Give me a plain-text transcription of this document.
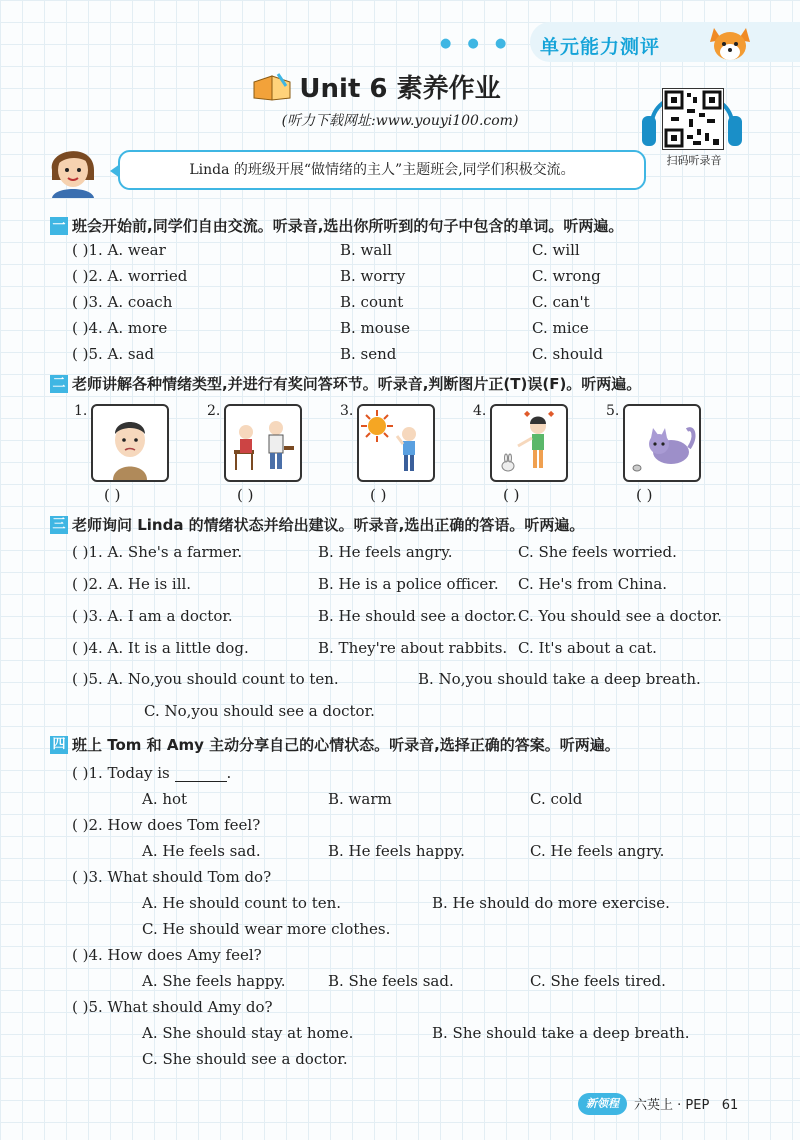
● ● ● 单元能力测评
Unit 6 素养作业
(听力下载网址:www.youyi100.com)
扫码听录音
Linda 的班级开展“做情绪的主人”主题班会,同学们积极交流。
一 班会开始前,同学们自由交流。听录音,选出你所听到的句子中包含的单词。听两遍。
( )1. A. wear	B. wall	C. will
( )2. A. worried	B. worry	C. wrong
( )3. A. coach	B. count	C. can't
( )4. A. more	B. mouse	C. mice
( )5. A. sad	B. send	C. should
二 老师讲解各种情绪类型,并进行有奖问答环节。听录音,判断图片正(T)误(F)。听两遍。
1.
( )
2.
( )
3.
( )
4.	◆
◆
( )
5.
( )
三 老师询问 Linda 的情绪状态并给出建议。听录音,选出正确的答语。听两遍。
( )1. A. She's a farmer.	B. He feels angry.	C. She feels worried.
( )2. A. He is ill.	B. He is a police officer. C. He's from China.
( )3. A. I am a doctor.	B. He should see a doctor. C. You should see a doctor.
( )4. A. It is a little dog.	B. They're about rabbits. C. It's about a cat.
( )5. A. No,you should count to ten.	B. No,you should take a deep breath.
C. No,you should see a doctor.
四 班上 Tom 和 Amy 主动分享自己的心情状态。听录音,选择正确的答案。听两遍。
( )1. Today is	.
A. hot	B. warm	C. cold
( )2. How does Tom feel?
A. He feels sad.	B. He feels happy.	C. He feels angry.
( )3. What should Tom do?
A. He should count to ten.	B. He should do more exercise.
C. He should wear more clothes.
( )4. How does Amy feel?
A. She feels happy.	B. She feels sad.	C. She feels tired.
( )5. What should Amy do?
A. She should stay at home.	B. She should take a deep breath.
C. She should see a doctor.
新领程	六英上 · PEP 61
